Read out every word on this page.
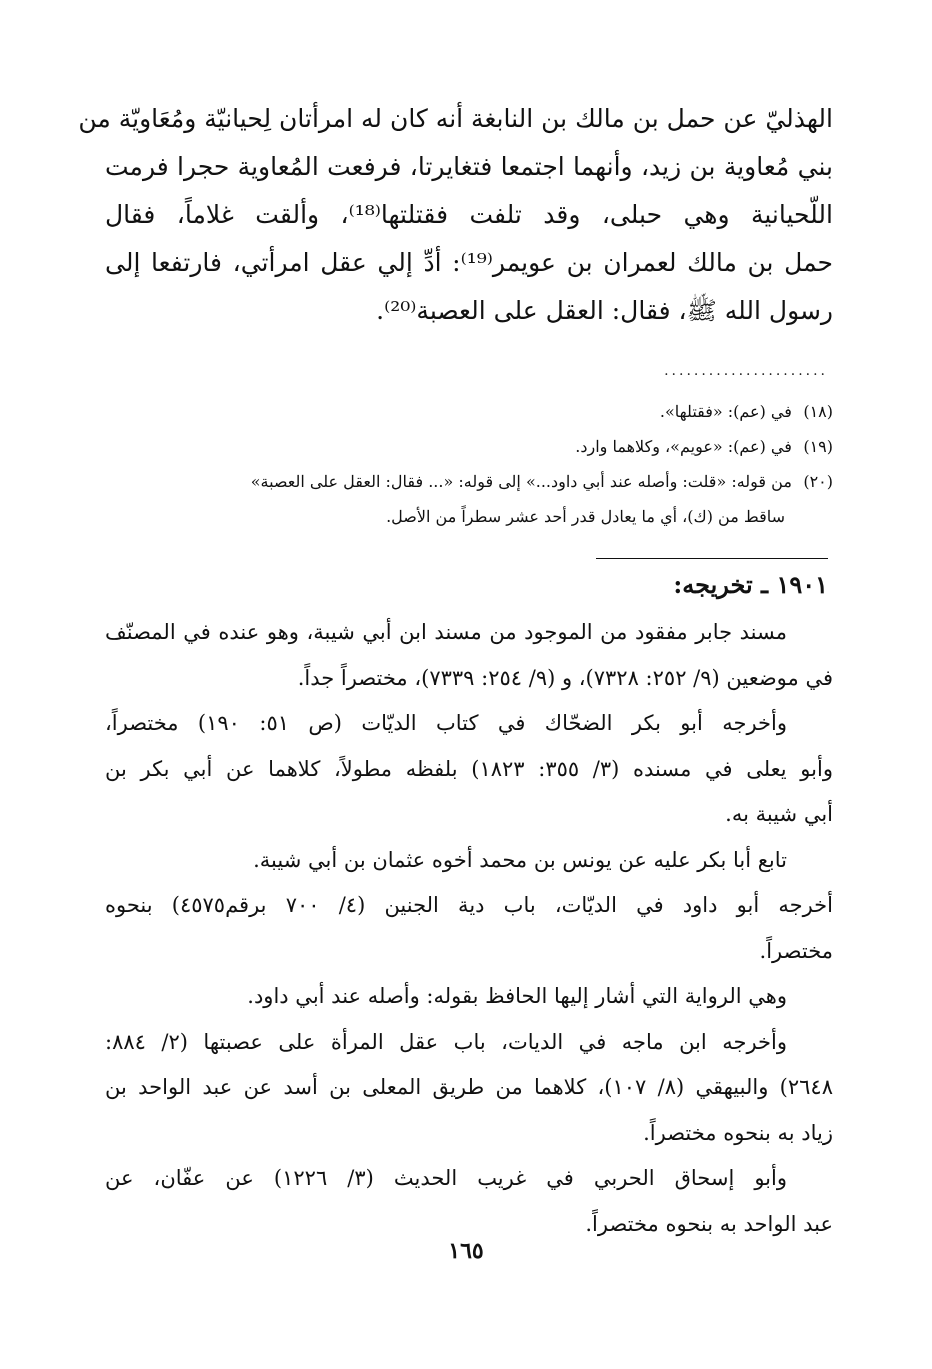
الهذليّ عن حمل بن مالك بن النابغة أنه كان له امرأتان لِحيانيّة ومُعَاويّة من
بني مُعاوية بن زيد، وأنهما اجتمعا فتغايرتا، فرفعت المُعاوية حجرا فرمت
اللّحيانية وهي حبلى، وقد تلفت فقتلتها⁽¹⁸⁾، وألقت غلاماً، فقال
حمل بن مالك لعمران بن عويمر⁽¹⁹⁾: أدِّ إلي عقل امرأتي، فارتفعا إلى
رسول الله ﷺ، فقال: العقل على العصبة⁽²⁰⁾.
......................
(١٨) في (عم): «فقتلها».
(١٩) في (عم): «عويم»، وكلاهما وارد.
(٢٠) من قوله: «قلت: وأصله عند أبي داود...» إلى قوله: «... فقال: العقل على العصبة»
ساقط من (ك)، أي ما يعادل قدر أحد عشر سطراً من الأصل.
١٩٠١ ـ تخريجه:
مسند جابر مفقود من الموجود من مسند ابن أبي شيبة، وهو عنده في المصنّف
في موضعين (٩/ ٢٥٢: ٧٣٢٨)، و (٩/ ٢٥٤: ٧٣٣٩)، مختصراً جداً.
وأخرجه أبو بكر الضحّاك في كتاب الديّات (ص ٥١: ١٩٠) مختصراً،
وأبو يعلى في مسنده (٣/ ٣٥٥: ١٨٢٣) بلفظه مطولاً، كلاهما عن أبي بكر بن
أبي شيبة به.
تابع أبا بكر عليه عن يونس بن محمد أخوه عثمان بن أبي شيبة.
أخرجه أبو داود في الديّات، باب دية الجنين (٤/ ٧٠٠ برقم٤٥٧٥) بنحوه
مختصراً.
وهي الرواية التي أشار إليها الحافظ بقوله: وأصله عند أبي داود.
وأخرجه ابن ماجه في الديات، باب عقل المرأة على عصبتها (٢/ ٨٨٤:
٢٦٤٨) والبيهقي (٨/ ١٠٧)، كلاهما من طريق المعلى بن أسد عن عبد الواحد بن
زياد به بنحوه مختصراً.
وأبو إسحاق الحربي في غريب الحديث (٣/ ١٢٢٦) عن عفّان، عن
عبد الواحد به بنحوه مختصراً.
١٦٥
